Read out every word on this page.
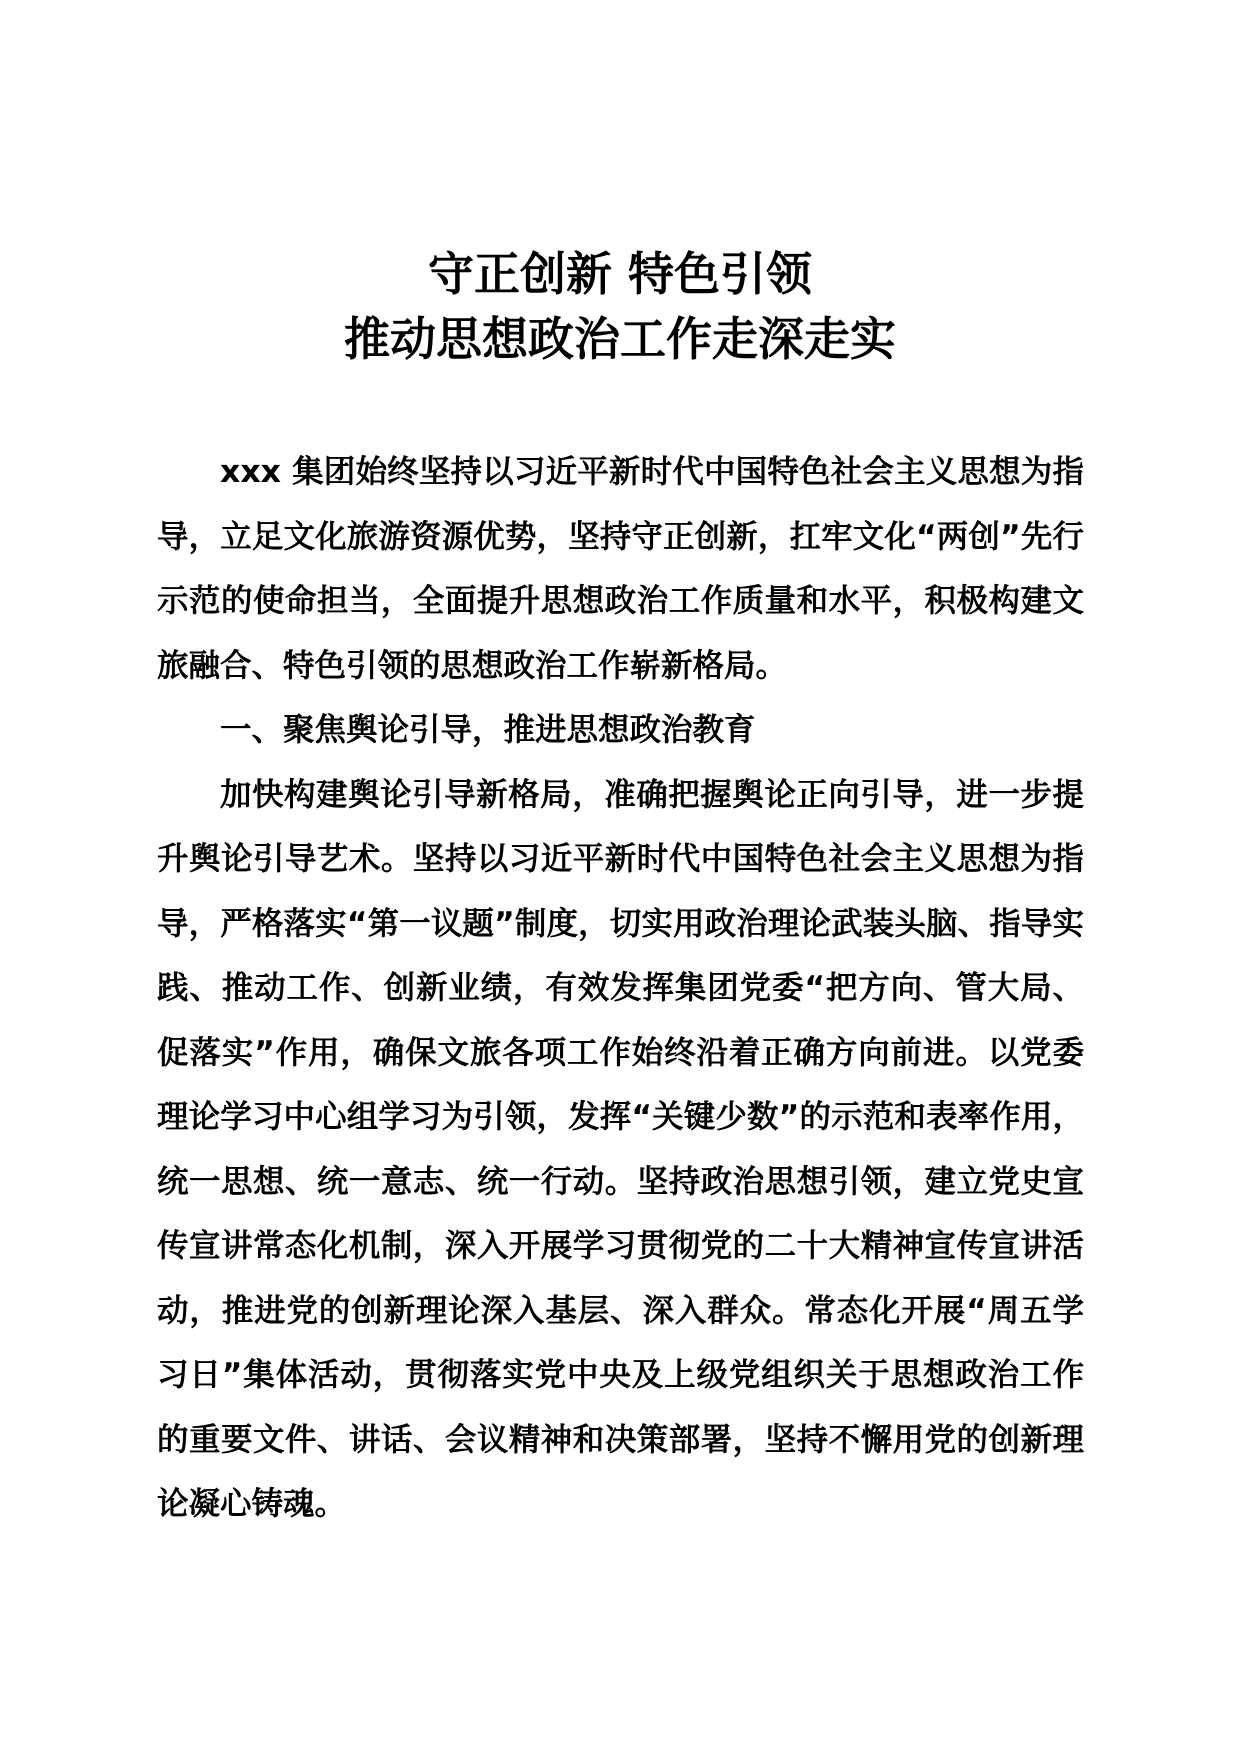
守正创新 特色引领
推动思想政治工作走深走实

xxx 集团始终坚持以习近平新时代中国特色社会主义思想为指导，立足文化旅游资源优势，坚持守正创新，扛牢文化“两创”先行示范的使命担当，全面提升思想政治工作质量和水平，积极构建文旅融合、特色引领的思想政治工作崭新格局。

一、聚焦舆论引导，推进思想政治教育

加快构建舆论引导新格局，准确把握舆论正向引导，进一步提升舆论引导艺术。坚持以习近平新时代中国特色社会主义思想为指导，严格落实“第一议题”制度，切实用政治理论武装头脑、指导实践、推动工作、创新业绩，有效发挥集团党委“把方向、管大局、促落实”作用，确保文旅各项工作始终沿着正确方向前进。以党委理论学习中心组学习为引领，发挥“关键少数”的示范和表率作用，统一思想、统一意志、统一行动。坚持政治思想引领，建立党史宣传宣讲常态化机制，深入开展学习贯彻党的二十大精神宣传宣讲活动，推进党的创新理论深入基层、深入群众。常态化开展“周五学习日”集体活动，贯彻落实党中央及上级党组织关于思想政治工作的重要文件、讲话、会议精神和决策部署，坚持不懈用党的创新理论凝心铸魂。
